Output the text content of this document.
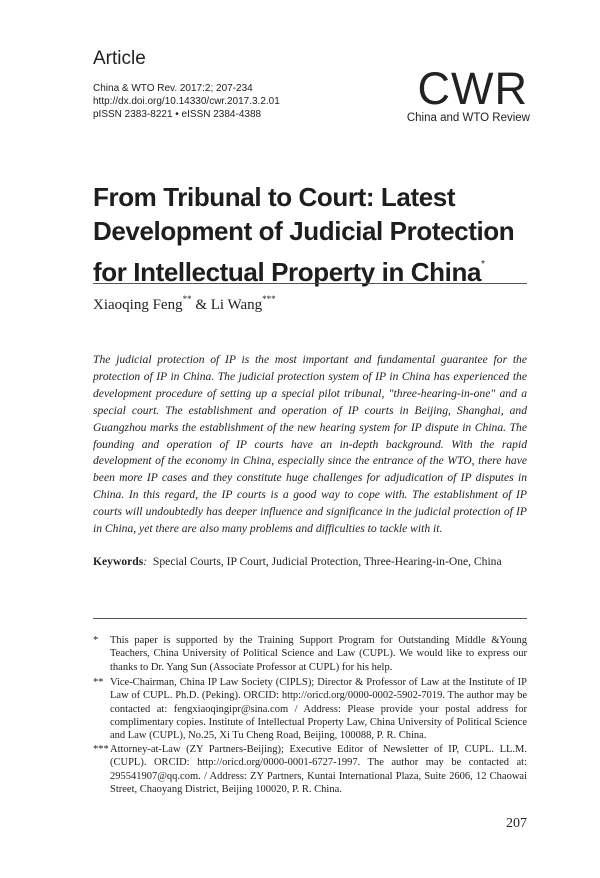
Article
China & WTO Rev. 2017:2; 207-234
http://dx.doi.org/10.14330/cwr.2017.3.2.01
pISSN 2383-8221 • eISSN 2384-4388
CWR
China and WTO Review
From Tribunal to Court: Latest
Development of Judicial Protection
for Intellectual Property in China*
Xiaoqing Feng** & Li Wang***
The judicial protection of IP is the most important and fundamental guarantee for the protection of IP in China. The judicial protection system of IP in China has experienced the development procedure of setting up a special pilot tribunal, "three-hearing-in-one" and a special court. The establishment and operation of IP courts in Beijing, Shanghai, and Guangzhou marks the establishment of the new hearing system for IP dispute in China. The founding and operation of IP courts have an in-depth background. With the rapid development of the economy in China, especially since the entrance of the WTO, there have been more IP cases and they constitute huge challenges for adjudication of IP disputes in China. In this regard, the IP courts is a good way to cope with. The establishment of IP courts will undoubtedly has deeper influence and significance in the judicial protection of IP in China, yet there are also many problems and difficulties to tackle with it.
Keywords: Special Courts, IP Court, Judicial Protection, Three-Hearing-in-One, China
* This paper is supported by the Training Support Program for Outstanding Middle &Young Teachers, China University of Political Science and Law (CUPL). We would like to express our thanks to Dr. Yang Sun (Associate Professor at CUPL) for his help.
** Vice-Chairman, China IP Law Society (CIPLS); Director & Professor of Law at the Institute of IP Law of CUPL. Ph.D. (Peking). ORCID: http://oricd.org/0000-0002-5902-7019. The author may be contacted at: fengxiaoqingipr@sina.com / Address: Please provide your postal address for complimentary copies. Institute of Intellectual Property Law, China University of Political Science and Law (CUPL), No.25, Xi Tu Cheng Road, Beijing, 100088, P. R. China.
*** Attorney-at-Law (ZY Partners-Beijing); Executive Editor of Newsletter of IP, CUPL. LL.M. (CUPL). ORCID: http://oricd.org/0000-0001-6727-1997. The author may be contacted at: 295541907@qq.com. / Address: ZY Partners, Kuntai International Plaza, Suite 2606, 12 Chaowai Street, Chaoyang District, Beijing 100020, P. R. China.
207
